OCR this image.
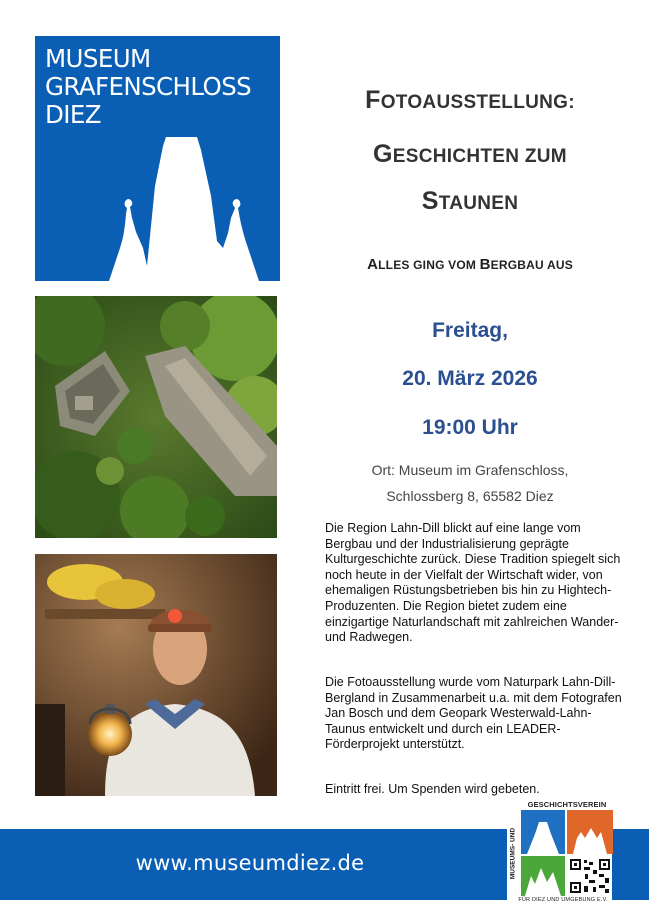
MUSEUM
GRAFENSCHLOSS
DIEZ	FOTOAUSSTELLUNG:
GESCHICHTEN ZUM
STAUNEN
ALLES GING VOM BERGBAU AUS
Freitag,
20. März 2026
19:00 Uhr
Ort: Museum im Grafenschloss,
Schlossberg 8, 65582 Diez

Die Region Lahn-Dill blickt auf eine lange vom Bergbau und der Industrialisierung geprägte Kulturgeschichte zurück. Diese Tradition spiegelt sich noch heute in der Vielfalt der Wirtschaft wider, von ehemaligen Rüstungsbetrieben bis hin zu Hightech-Produzenten. Die Region bietet zudem eine einzigartige Naturlandschaft mit zahlreichen Wander- und Radwegen.

Die Fotoausstellung wurde vom Naturpark Lahn-Dill-Bergland in Zusammenarbeit u.a. mit dem Fotografen Jan Bosch und dem Geopark Westerwald-Lahn-Taunus entwickelt und durch ein LEADER-Förderprojekt unterstützt.

Eintritt frei. Um Spenden wird gebeten.

www.museumdiez.de
GESCHICHTSVEREIN
MUSEUMS- UND
FÜR DIEZ UND UMGEBUNG E.V.
